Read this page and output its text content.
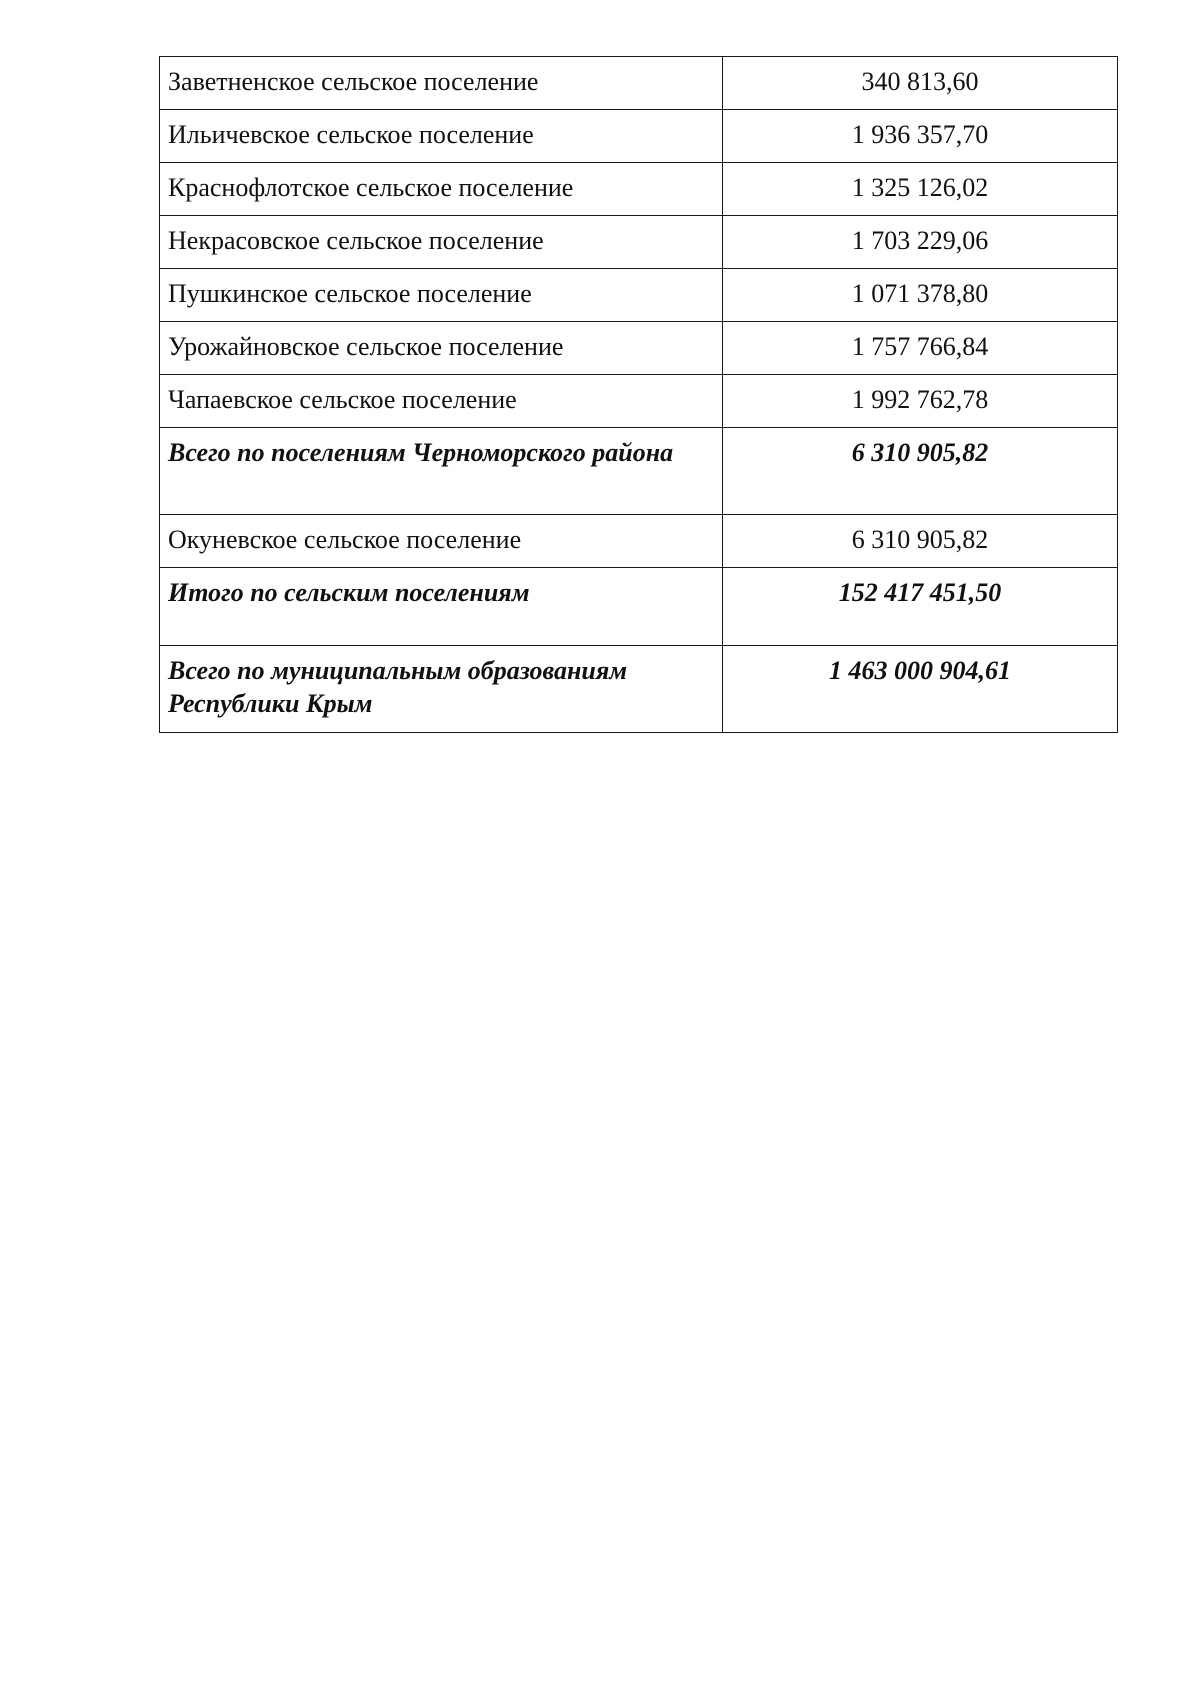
Заветненское сельское поселение	340 813,60
Ильичевское сельское поселение	1 936 357,70
Краснофлотское сельское поселение	1 325 126,02
Некрасовское сельское поселение	1 703 229,06
Пушкинское сельское поселение	1 071 378,80
Урожайновское сельское поселение	1 757 766,84
Чапаевское сельское поселение	1 992 762,78
Всего по поселениям Черноморского района	6 310 905,82
Окуневское сельское поселение	6 310 905,82
Итого по сельским поселениям	152 417 451,50
Всего по муниципальным образованиям Республики Крым	1 463 000 904,61
